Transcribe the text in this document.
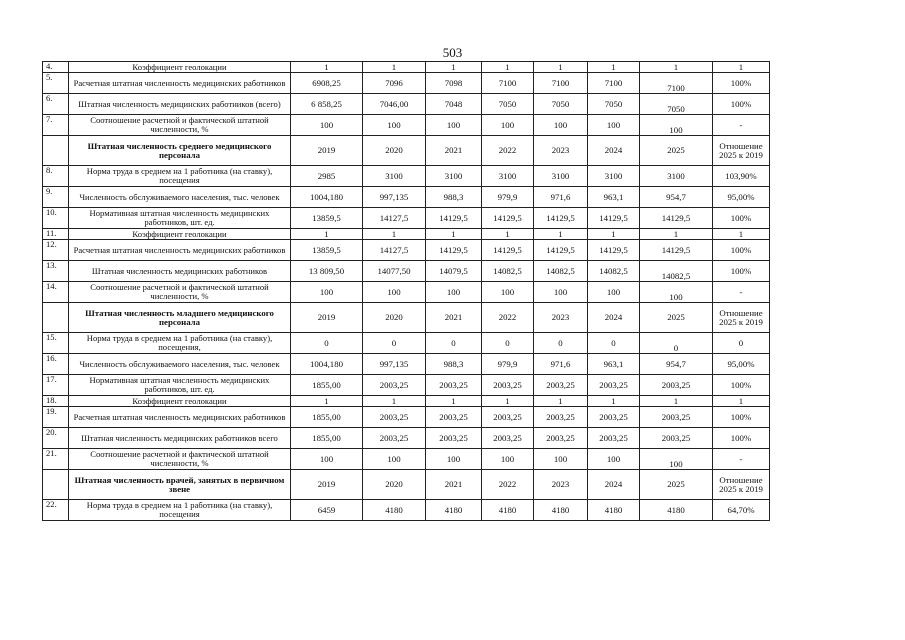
503
4.	Коэффициент геолокации	1	1	1	1	1	1	1	1
5.	Расчетная штатная численность медицинских работников	6908,25	7096	7098	7100	7100	7100	7100	100%
6.	Штатная численность медицинских работников (всего)	6 858,25	7046,00	7048	7050	7050	7050	7050	100%
7.	Соотношение расчетной и фактической штатной численности, %	100	100	100	100	100	100	100	-
	Штатная численность среднего медицинского персонала	2019	2020	2021	2022	2023	2024	2025	Отношение 2025 к 2019
8.	Норма труда в среднем на 1 работника (на ставку), посещения	2985	3100	3100	3100	3100	3100	3100	103,90%
9.	Численность обслуживаемого населения, тыс. человек	1004,180	997,135	988,3	979,9	971,6	963,1	954,7	95,00%
10.	Нормативная штатная численность медицинских работников, шт. ед.	13859,5	14127,5	14129,5	14129,5	14129,5	14129,5	14129,5	100%
11.	Коэффициент геолокации	1	1	1	1	1	1	1	1
12.	Расчетная штатная численность медицинских работников	13859,5	14127,5	14129,5	14129,5	14129,5	14129,5	14129,5	100%
13.	Штатная численность медицинских работников	13 809,50	14077,50	14079,5	14082,5	14082,5	14082,5	14082,5	100%
14.	Соотношение расчетной и фактической штатной численности, %	100	100	100	100	100	100	100	-
	Штатная численность младшего медицинского персонала	2019	2020	2021	2022	2023	2024	2025	Отношение 2025 к 2019
15.	Норма труда в среднем на 1 работника (на ставку), посещения,	0	0	0	0	0	0	0	0
16.	Численность обслуживаемого населения, тыс. человек	1004,180	997,135	988,3	979,9	971,6	963,1	954,7	95,00%
17.	Нормативная штатная численность медицинских работников, шт. ед.	1855,00	2003,25	2003,25	2003,25	2003,25	2003,25	2003,25	100%
18.	Коэффициент геолокации	1	1	1	1	1	1	1	1
19.	Расчетная штатная численность медицинских работников	1855,00	2003,25	2003,25	2003,25	2003,25	2003,25	2003,25	100%
20.	Штатная численность медицинских работников всего	1855,00	2003,25	2003,25	2003,25	2003,25	2003,25	2003,25	100%
21.	Соотношение расчетной и фактической штатной численности, %	100	100	100	100	100	100	100	-
	Штатная численность врачей, занятых в первичном звене	2019	2020	2021	2022	2023	2024	2025	Отношение 2025 к 2019
22.	Норма труда в среднем на 1 работника (на ставку), посещения	6459	4180	4180	4180	4180	4180	4180	64,70%
